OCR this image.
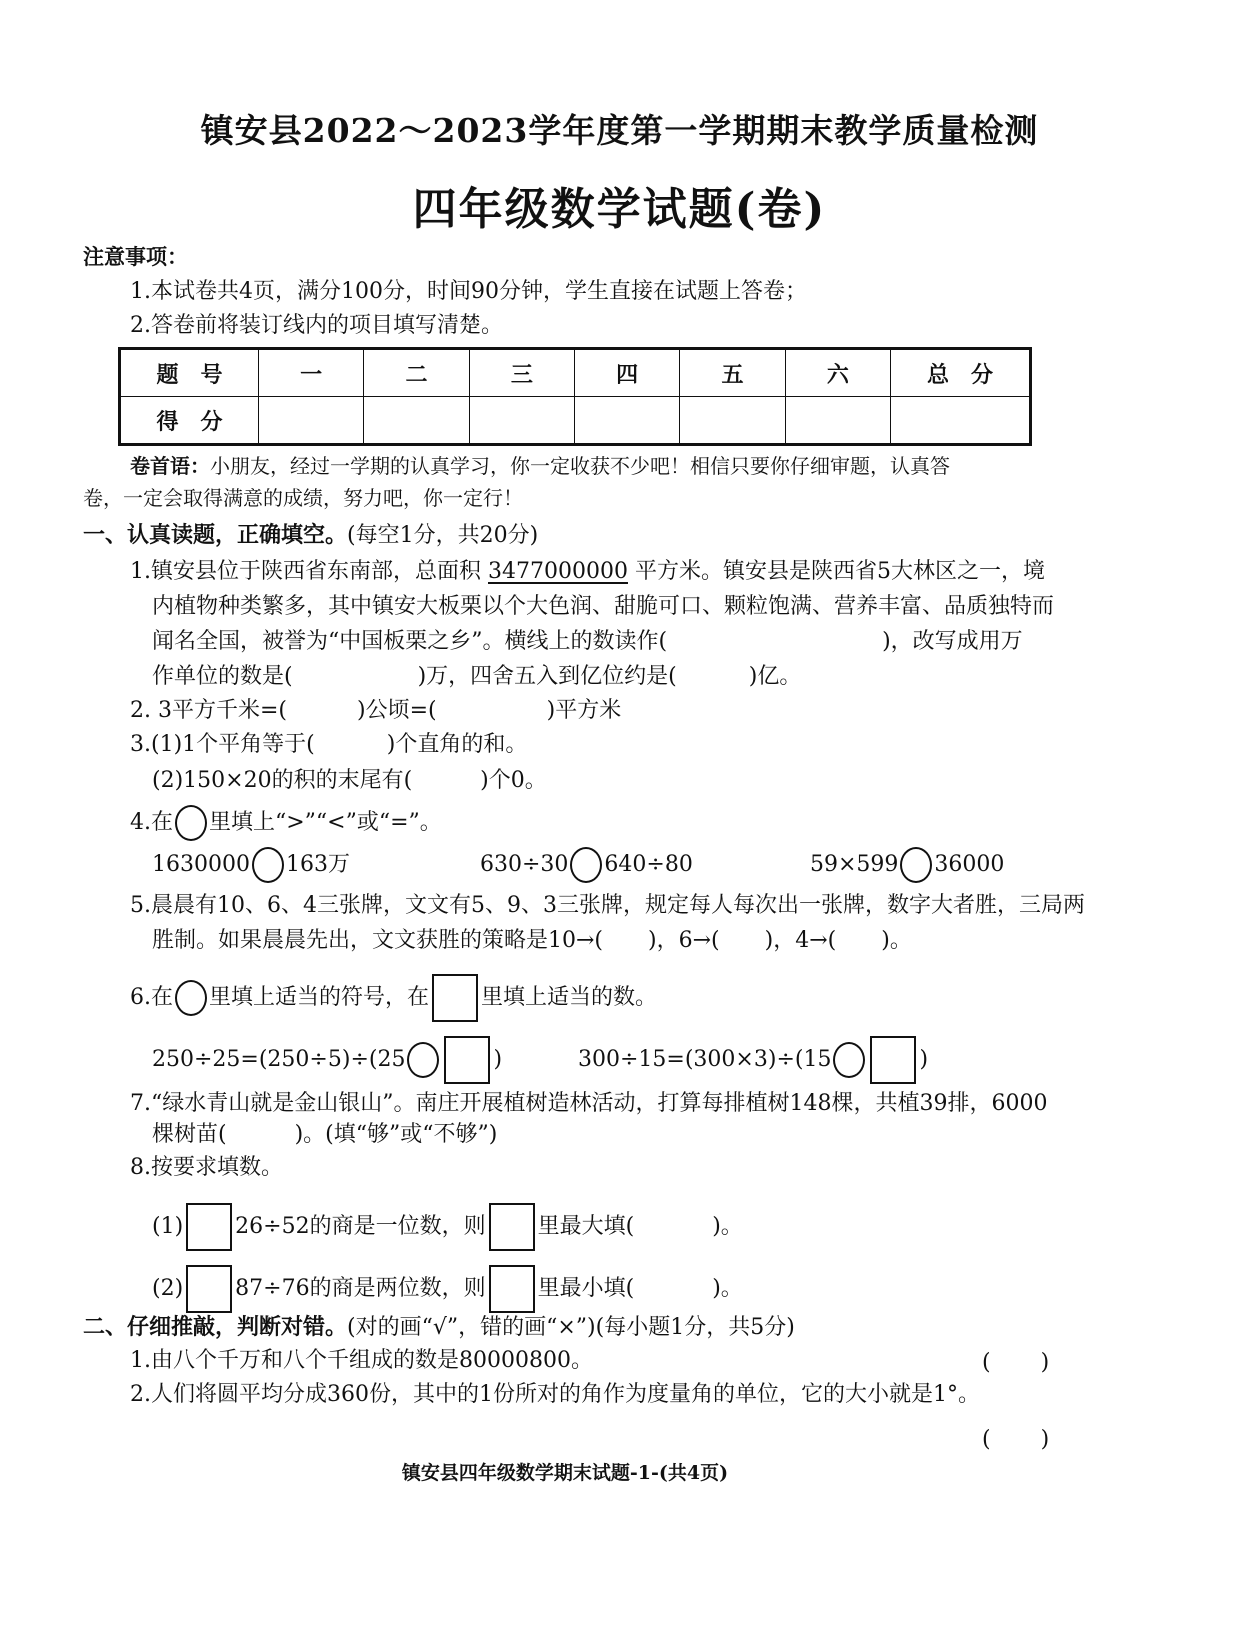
镇安县2022～2023学年度第一学期期末教学质量检测
四年级数学试题(卷)
注意事项：
1.本试卷共4页，满分100分，时间90分钟，学生直接在试题上答卷；
2.答卷前将装订线内的项目填写清楚。
题　号	一	二	三	四	五	六	总　分
得　分							
卷首语：小朋友，经过一学期的认真学习，你一定收获不少吧！相信只要你仔细审题，认真答
卷，一定会取得满意的成绩，努力吧，你一定行！
一、认真读题，正确填空。(每空1分，共20分)
1.镇安县位于陕西省东南部，总面积 3477000000 平方米。镇安县是陕西省5大林区之一，境
内植物种类繁多，其中镇安大板栗以个大色润、甜脆可口、颗粒饱满、营养丰富、品质独特而
闻名全国，被誉为“中国板栗之乡”。横线上的数读作(	)，改写成用万
作单位的数是(	)万，四舍五入到亿位约是(	)亿。
2. 3平方千米=(	)公顷=(	)平方米
3.(1)1个平角等于(	)个直角的和。
(2)150×20的积的末尾有(	)个0。
4.在 里填上“>”“<”或“=”。
1630000 163万	630÷30 640÷80	59×599 36000
5.晨晨有10、6、4三张牌，文文有5、9、3三张牌，规定每人每次出一张牌，数字大者胜，三局两
胜制。如果晨晨先出，文文获胜的策略是10→( )，6→( )，4→( )。
6.在 里填上适当的符号，在 里填上适当的数。
250÷25=(250÷5)÷(25	)	300÷15=(300×3)÷(15	)
7.“绿水青山就是金山银山”。南庄开展植树造林活动，打算每排植树148棵，共植39排，6000
棵树苗(	)。(填“够”或“不够”)
8.按要求填数。
(1) 26÷52的商是一位数，则 里最大填(	)。
(2) 87÷76的商是两位数，则 里最小填(	)。
二、仔细推敲，判断对错。(对的画“√”，错的画“×”)(每小题1分，共5分)
1.由八个千万和八个千组成的数是80000800。	( )
2.人们将圆平均分成360份，其中的1份所对的角作为度量角的单位，它的大小就是1°。
( )
镇安县四年级数学期末试题-1-(共4页)
